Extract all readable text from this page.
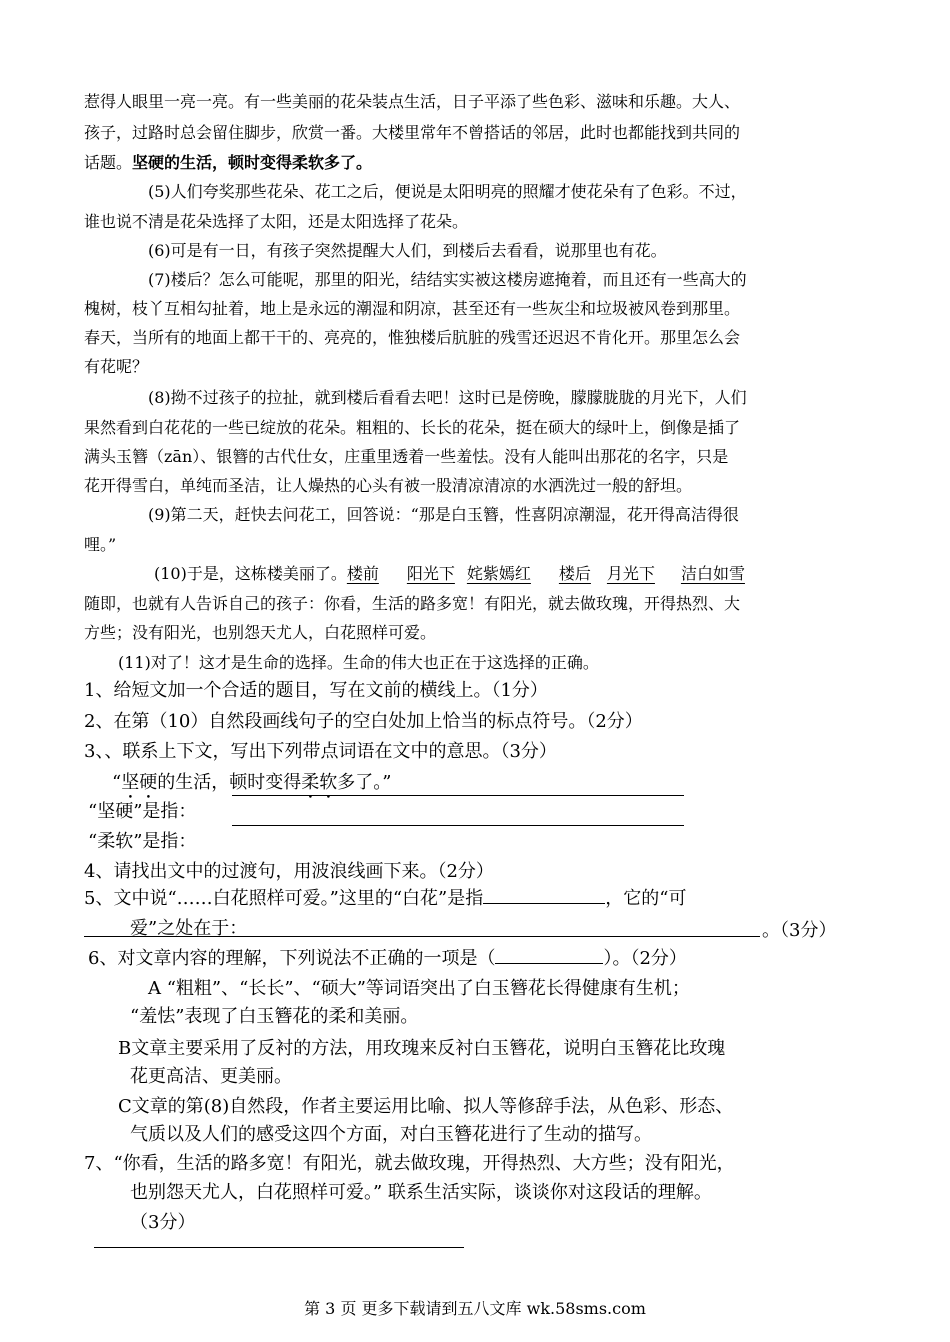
惹得人眼里一亮一亮。有一些美丽的花朵装点生活，日子平添了些色彩、滋味和乐趣。大人、
孩子，过路时总会留住脚步，欣赏一番。大楼里常年不曾搭话的邻居，此时也都能找到共同的
话题。坚硬的生活，顿时变得柔软多了。
(5)人们夸奖那些花朵、花工之后，便说是太阳明亮的照耀才使花朵有了色彩。不过，
谁也说不清是花朵选择了太阳，还是太阳选择了花朵。
(6)可是有一日，有孩子突然提醒大人们，到楼后去看看，说那里也有花。
(7)楼后？怎么可能呢，那里的阳光，结结实实被这楼房遮掩着，而且还有一些高大的
槐树，枝丫互相勾扯着，地上是永远的潮湿和阴凉，甚至还有一些灰尘和垃圾被风卷到那里。
春天，当所有的地面上都干干的、亮亮的，惟独楼后肮脏的残雪还迟迟不肯化开。那里怎么会
有花呢？
(8)拗不过孩子的拉扯，就到楼后看看去吧！这时已是傍晚，朦朦胧胧的月光下，人们
果然看到白花花的一些已绽放的花朵。粗粗的、长长的花朵，挺在硕大的绿叶上，倒像是插了
满头玉簪（zān）、银簪的古代仕女，庄重里透着一些羞怯。没有人能叫出那花的名字，只是
花开得雪白，单纯而圣洁，让人燥热的心头有被一股清凉清凉的水洒洗过一般的舒坦。
(9)第二天，赶快去问花工，回答说：“那是白玉簪，性喜阴凉潮湿，花开得高洁得很
哩。”
(10)于是，这栋楼美丽了。楼前 阳光下 姹紫嫣红 楼后 月光下 洁白如雪
随即，也就有人告诉自己的孩子：你看，生活的路多宽！有阳光，就去做玫瑰，开得热烈、大
方些；没有阳光，也别怨天尤人，白花照样可爱。
(11)对了！这才是生命的选择。生命的伟大也正在于这选择的正确。
1、给短文加一个合适的题目，写在文前的横线上。（1分）
2、在第（10）自然段画线句子的空白处加上恰当的标点符号。（2分）
3、、联系上下文，写出下列带点词语在文中的意思。（3分）
“坚硬的生活，顿时变得柔软多了。”
“坚硬”是指：
“柔软”是指：
4、请找出文中的过渡句，用波浪线画下来。（2分）
5、文中说“……白花照样可爱。”这里的“白花”是指	，它的“可
爱”之处在于：	。（3分）
6、对文章内容的理解，下列说法不正确的一项是（	）。（2分）
A “粗粗”、“长长”、“硕大”等词语突出了白玉簪花长得健康有生机；
“羞怯”表现了白玉簪花的柔和美丽。
B文章主要采用了反衬的方法，用玫瑰来反衬白玉簪花，说明白玉簪花比玫瑰
花更高洁、更美丽。
C文章的第(8)自然段，作者主要运用比喻、拟人等修辞手法，从色彩、形态、
气质以及人们的感受这四个方面，对白玉簪花进行了生动的描写。
7、“你看，生活的路多宽！有阳光，就去做玫瑰，开得热烈、大方些；没有阳光，
也别怨天尤人，白花照样可爱。” 联系生活实际，谈谈你对这段话的理解。
（3分）
第 3 页 更多下载请到五八文库 wk.58sms.com
